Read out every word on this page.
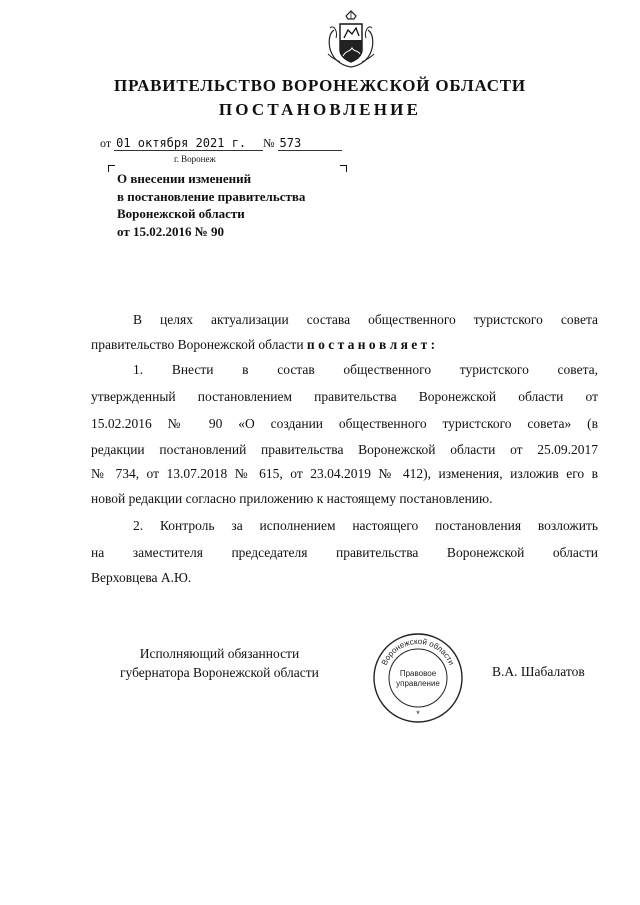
ПРАВИТЕЛЬСТВО ВОРОНЕЖСКОЙ ОБЛАСТИ
ПОСТАНОВЛЕНИЕ
от 01 октября 2021 г. № 573
г. Воронеж
О внесении изменений
в постановление правительства
Воронежской области
от 15.02.2016 № 90
В целях актуализации состава общественного туристского совета
правительство Воронежской области п о с т а н о в л я е т :
1. Внести в состав общественного туристского совета,
утвержденный постановлением правительства Воронежской области от
15.02.2016 № 90 «О создании общественного туристского совета» (в
редакции постановлений правительства Воронежской области от 25.09.2017
№ 734, от 13.07.2018 № 615, от 23.04.2019 № 412), изменения, изложив его в
новой редакции согласно приложению к настоящему постановлению.
2. Контроль за исполнением настоящего постановления возложить
на заместителя председателя правительства Воронежской области
Верховцева А.Ю.
Исполняющий обязанности
губернатора Воронежской области	В.А. Шабалатов
Воронежской области
Правовое
управление
*
